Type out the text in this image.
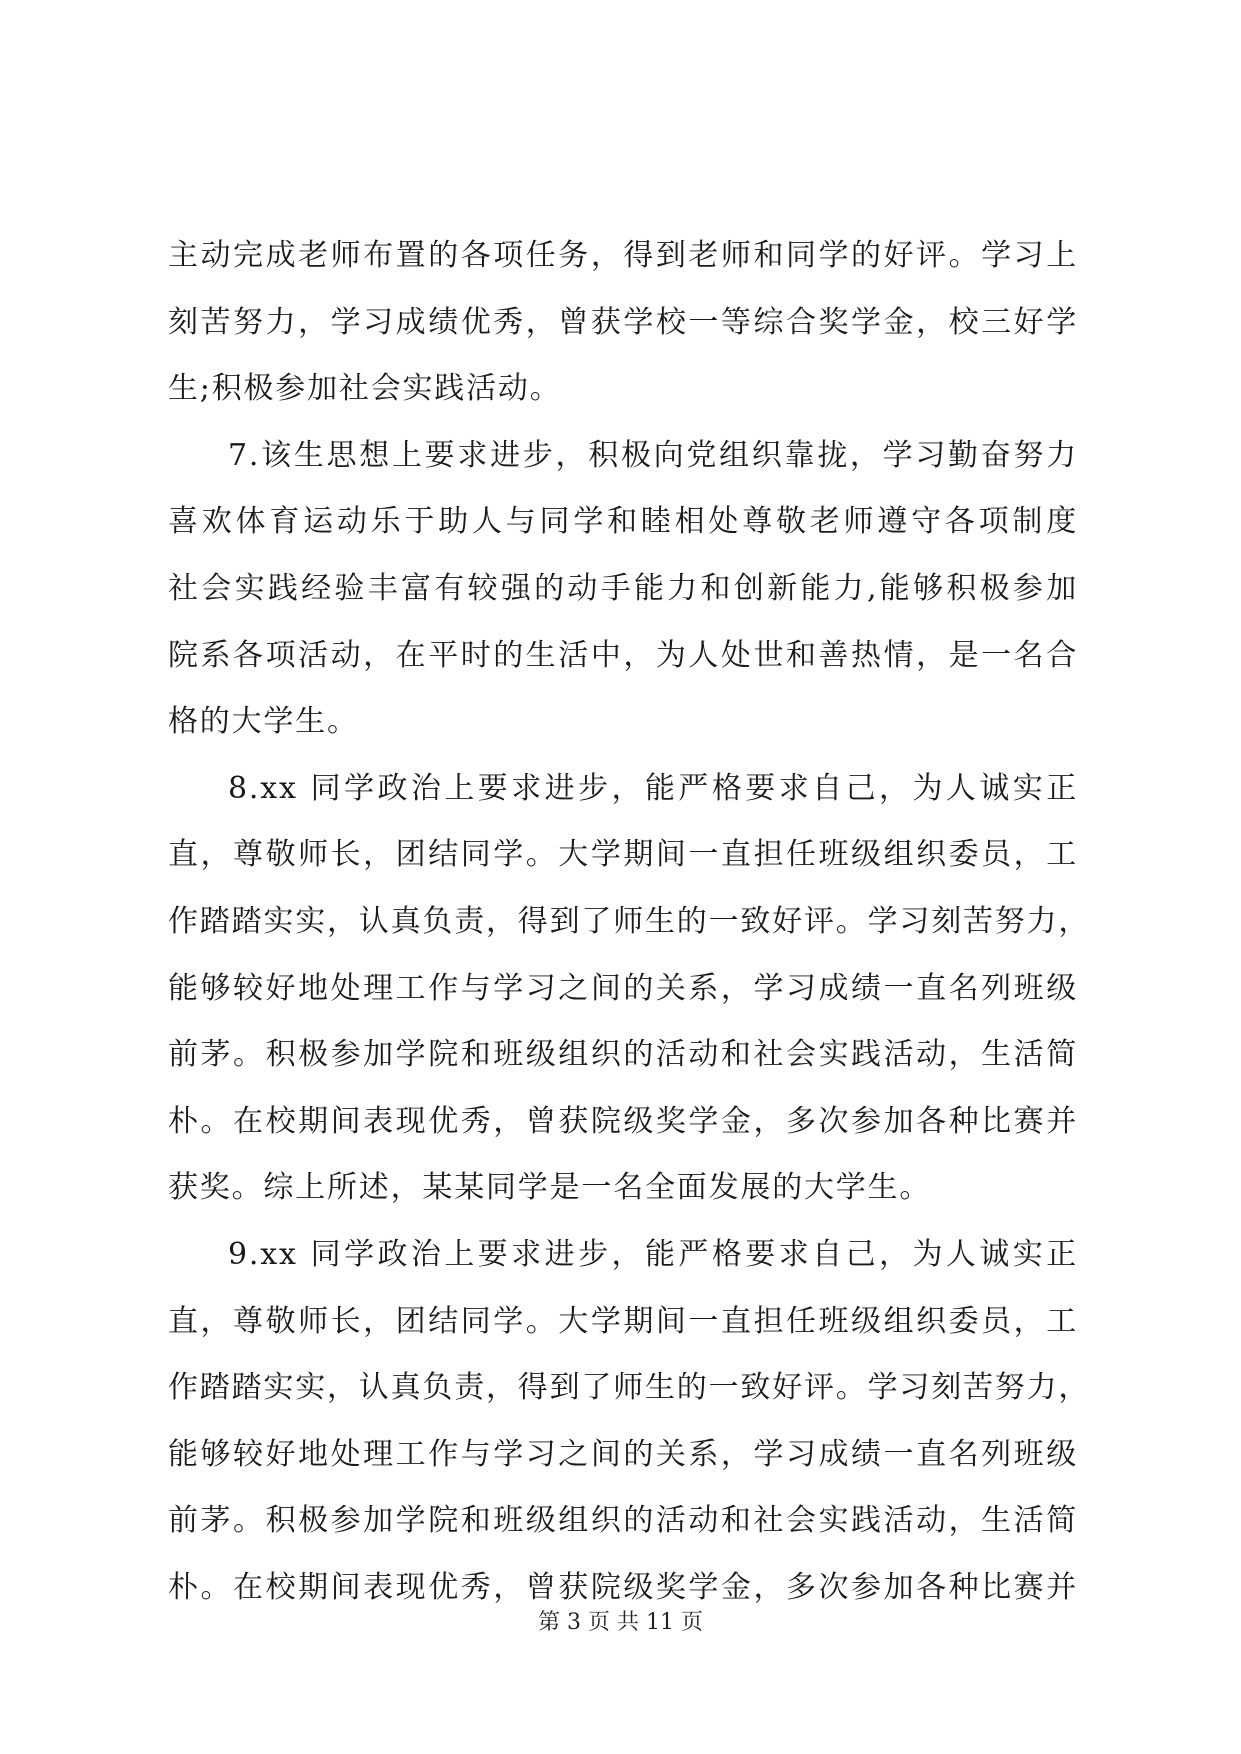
主动完成老师布置的各项任务，得到老师和同学的好评。学习上
刻苦努力，学习成绩优秀，曾获学校一等综合奖学金，校三好学
生;积极参加社会实践活动。
7.该生思想上要求进步，积极向党组织靠拢，学习勤奋努力
喜欢体育运动乐于助人与同学和睦相处尊敬老师遵守各项制度
社会实践经验丰富有较强的动手能力和创新能力,能够积极参加
院系各项活动，在平时的生活中，为人处世和善热情，是一名合
格的大学生。
8.xx 同学政治上要求进步，能严格要求自己，为人诚实正
直，尊敬师长，团结同学。大学期间一直担任班级组织委员，工
作踏踏实实，认真负责，得到了师生的一致好评。学习刻苦努力，
能够较好地处理工作与学习之间的关系，学习成绩一直名列班级
前茅。积极参加学院和班级组织的活动和社会实践活动，生活简
朴。在校期间表现优秀，曾获院级奖学金，多次参加各种比赛并
获奖。综上所述，某某同学是一名全面发展的大学生。
9.xx 同学政治上要求进步，能严格要求自己，为人诚实正
直，尊敬师长，团结同学。大学期间一直担任班级组织委员，工
作踏踏实实，认真负责，得到了师生的一致好评。学习刻苦努力，
能够较好地处理工作与学习之间的关系，学习成绩一直名列班级
前茅。积极参加学院和班级组织的活动和社会实践活动，生活简
朴。在校期间表现优秀，曾获院级奖学金，多次参加各种比赛并
第 3 页 共 11 页
